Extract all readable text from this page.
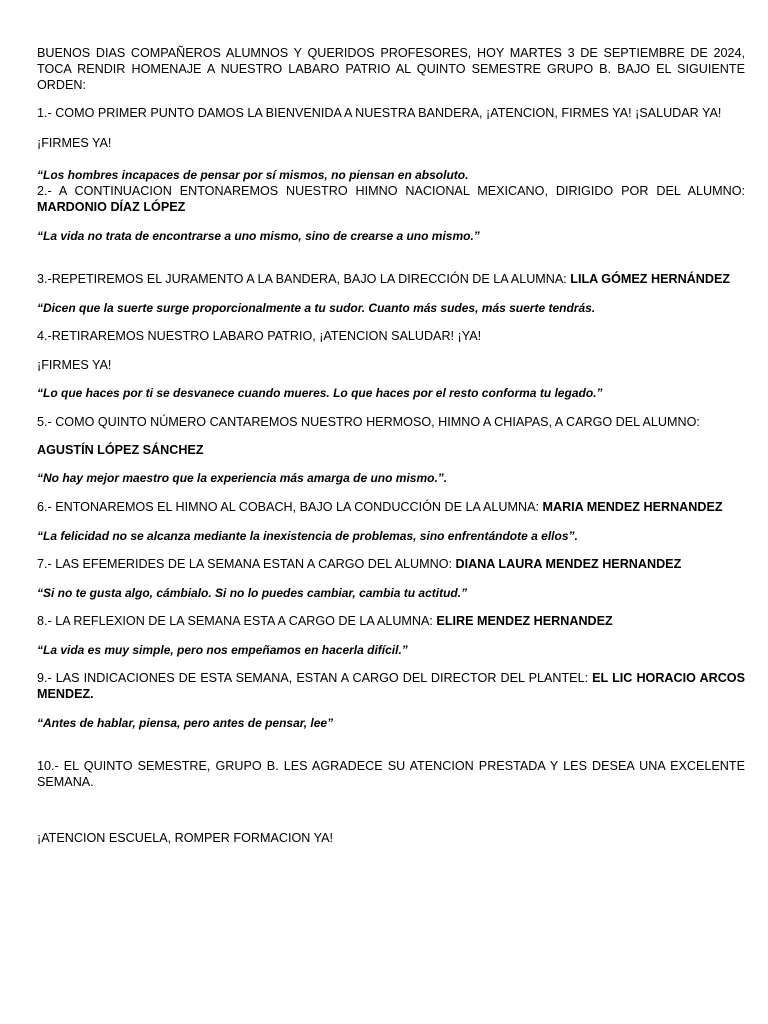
BUENOS DIAS COMPAÑEROS ALUMNOS Y QUERIDOS PROFESORES, HOY MARTES 3 DE SEPTIEMBRE DE 2024, TOCA RENDIR HOMENAJE A NUESTRO LABARO PATRIO AL QUINTO SEMESTRE GRUPO B. BAJO EL SIGUIENTE ORDEN:
1.- COMO PRIMER PUNTO DAMOS LA BIENVENIDA A NUESTRA BANDERA, ¡ATENCION, FIRMES YA! ¡SALUDAR YA!
¡FIRMES YA!
“Los hombres incapaces de pensar por sí mismos, no piensan en absoluto.
2.- A CONTINUACION ENTONAREMOS NUESTRO HIMNO NACIONAL MEXICANO, DIRIGIDO POR DEL ALUMNO:
MARDONIO DÍAZ LÓPEZ
“La vida no trata de encontrarse a uno mismo, sino de crearse a uno mismo.”
3.-REPETIREMOS EL JURAMENTO A LA BANDERA, BAJO LA DIRECCIÓN DE LA ALUMNA: LILA GÓMEZ HERNÁNDEZ
“Dicen que la suerte surge proporcionalmente a tu sudor. Cuanto más sudes, más suerte tendrás.
4.-RETIRAREMOS NUESTRO LABARO PATRIO, ¡ATENCION SALUDAR! ¡YA!
¡FIRMES YA!
“Lo que haces por ti se desvanece cuando mueres. Lo que haces por el resto conforma tu legado.”
5.- COMO QUINTO NÚMERO CANTAREMOS NUESTRO HERMOSO, HIMNO A CHIAPAS, A CARGO DEL ALUMNO:
AGUSTÍN LÓPEZ SÁNCHEZ
“No hay mejor maestro que la experiencia más amarga de uno mismo.”.
6.- ENTONAREMOS EL HIMNO AL COBACH, BAJO LA CONDUCCIÓN DE LA ALUMNA: MARIA MENDEZ HERNANDEZ
“La felicidad no se alcanza mediante la inexistencia de problemas, sino enfrentándote a ellos”.
7.- LAS EFEMERIDES DE LA SEMANA ESTAN A CARGO DEL ALUMNO: DIANA LAURA MENDEZ HERNANDEZ
“Si no te gusta algo, cámbialo. Si no lo puedes cambiar, cambia tu actitud.”
8.- LA REFLEXION DE LA SEMANA ESTA A CARGO DE LA ALUMNA: ELIRE MENDEZ HERNANDEZ
“La vida es muy simple, pero nos empeñamos en hacerla difícil.”
9.- LAS INDICACIONES DE ESTA SEMANA, ESTAN A CARGO DEL DIRECTOR DEL PLANTEL: EL LIC HORACIO ARCOS MENDEZ.
“Antes de hablar, piensa, pero antes de pensar, lee”
10.- EL QUINTO SEMESTRE, GRUPO B. LES AGRADECE SU ATENCION PRESTADA Y LES DESEA UNA EXCELENTE SEMANA.
¡ATENCION ESCUELA, ROMPER FORMACION YA!
